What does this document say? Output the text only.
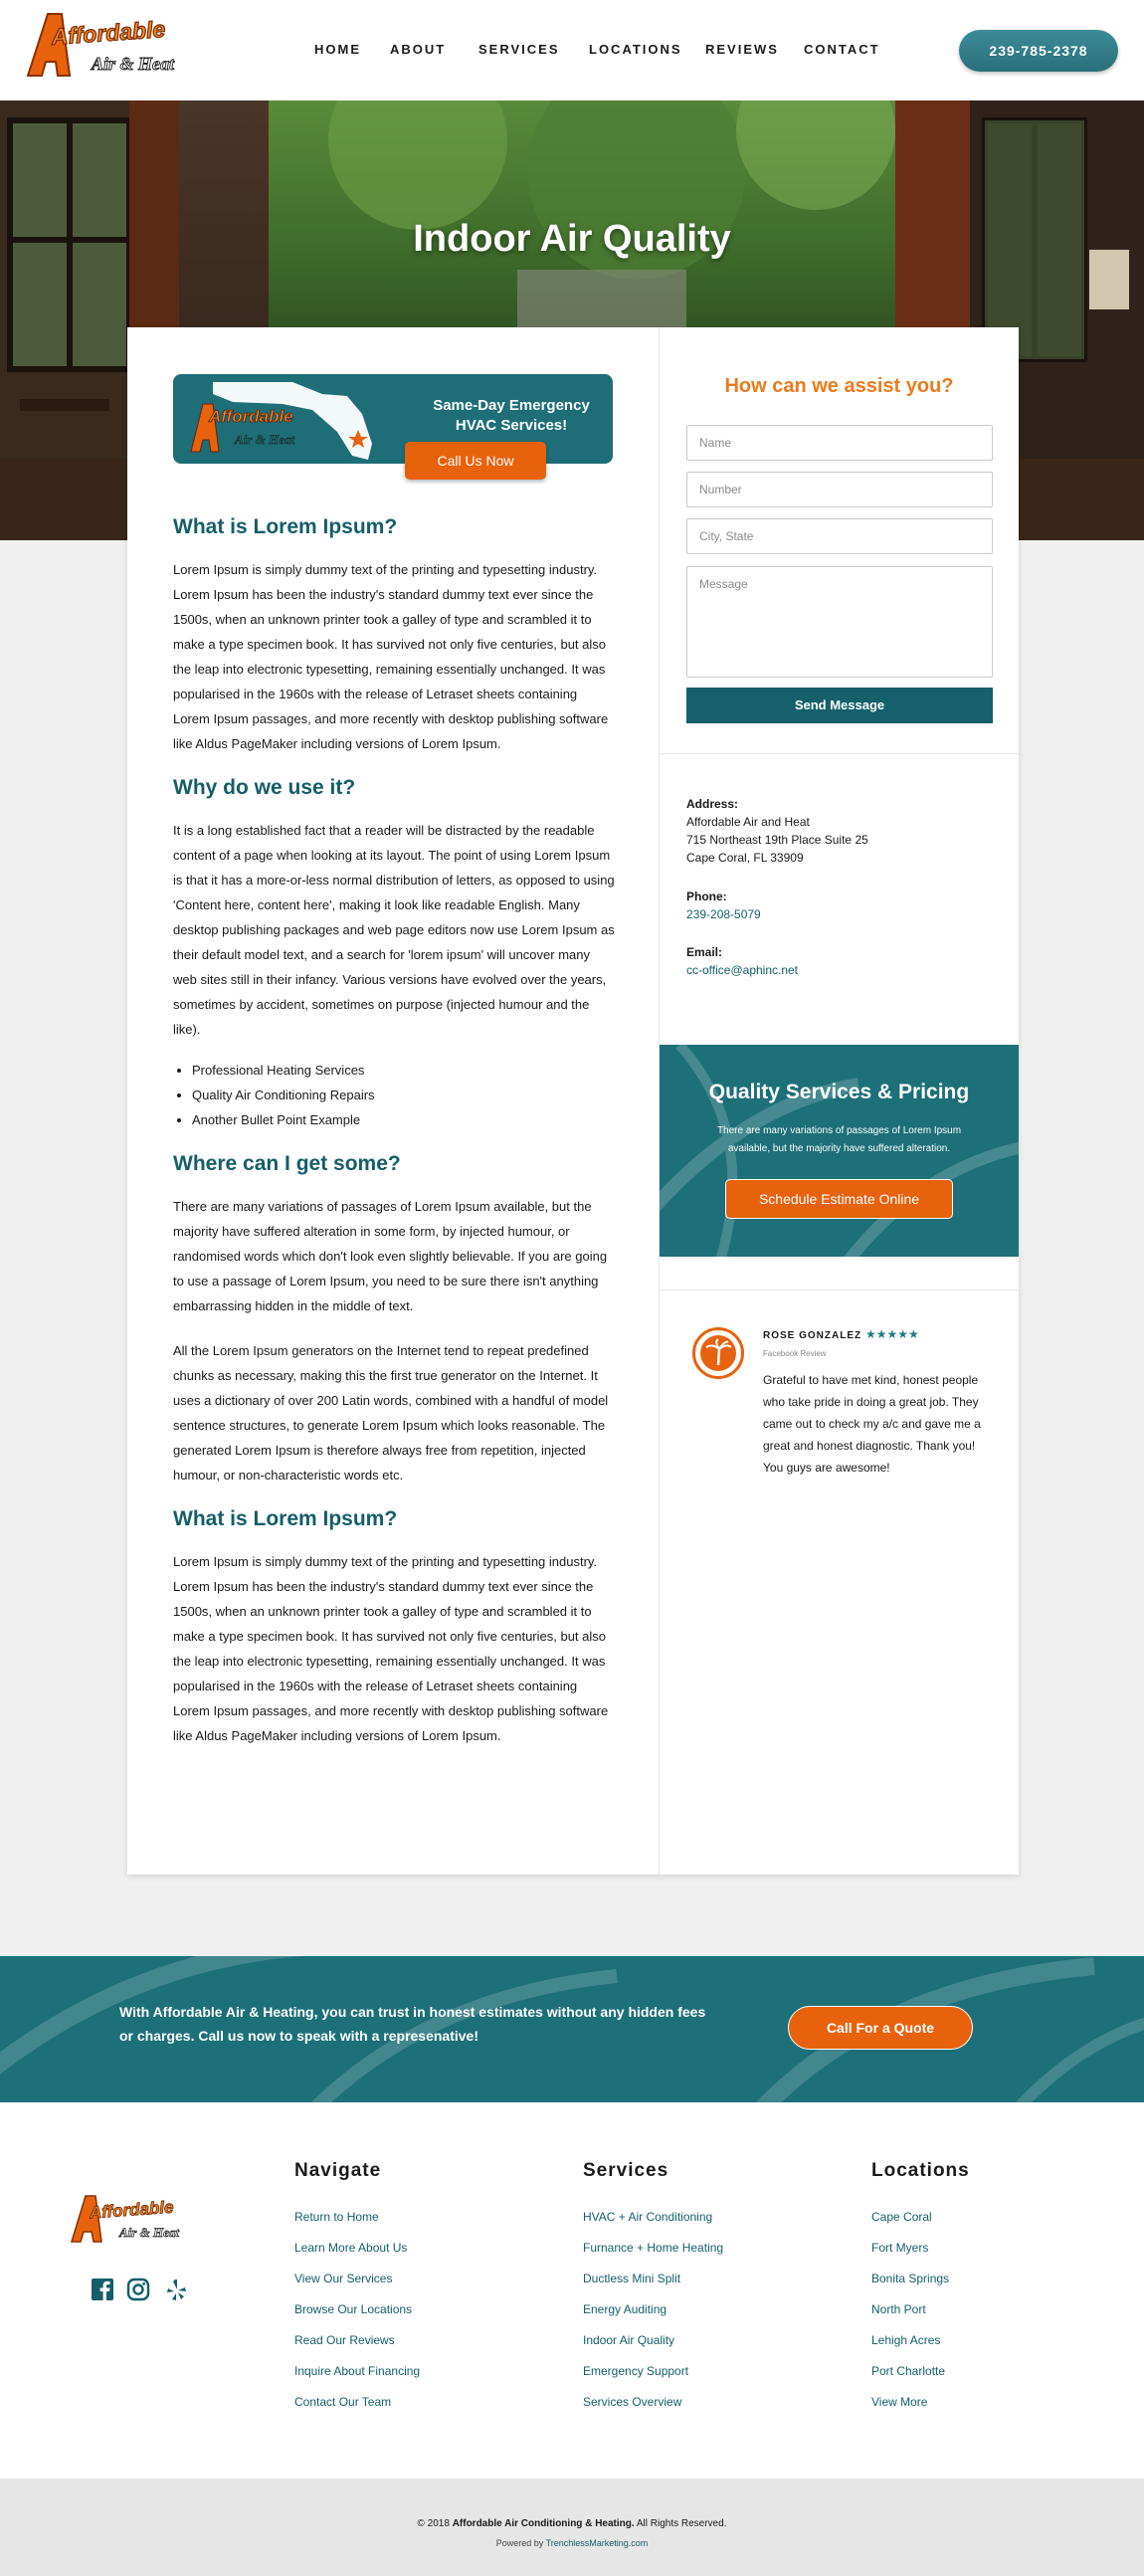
Affordable
Air & Heat
HOME ABOUT	SERVICES LOCATIONS REVIEWS CONTACT	239-785-2378
Indoor Air Quality
Affordable
Air & Heat
Same-Day Emergency HVAC Services!
Call Us Now
What is Lorem Ipsum?

Lorem Ipsum is simply dummy text of the printing and typesetting industry. Lorem Ipsum has been the industry's standard dummy text ever since the 1500s, when an unknown printer took a galley of type and scrambled it to make a type specimen book. It has survived not only five centuries, but also the leap into electronic typesetting, remaining essentially unchanged. It was popularised in the 1960s with the release of Letraset sheets containing Lorem Ipsum passages, and more recently with desktop publishing software like Aldus PageMaker including versions of Lorem Ipsum.

Why do we use it?

It is a long established fact that a reader will be distracted by the readable content of a page when looking at its layout. The point of using Lorem Ipsum is that it has a more-or-less normal distribution of letters, as opposed to using 'Content here, content here', making it look like readable English. Many desktop publishing packages and web page editors now use Lorem Ipsum as their default model text, and a search for 'lorem ipsum' will uncover many web sites still in their infancy. Various versions have evolved over the years, sometimes by accident, sometimes on purpose (injected humour and the like).

• Professional Heating Services
• Quality Air Conditioning Repairs
• Another Bullet Point Example
Where can I get some?

There are many variations of passages of Lorem Ipsum available, but the majority have suffered alteration in some form, by injected humour, or randomised words which don't look even slightly believable. If you are going to use a passage of Lorem Ipsum, you need to be sure there isn't anything embarrassing hidden in the middle of text.

All the Lorem Ipsum generators on the Internet tend to repeat predefined chunks as necessary, making this the first true generator on the Internet. It uses a dictionary of over 200 Latin words, combined with a handful of model sentence structures, to generate Lorem Ipsum which looks reasonable. The generated Lorem Ipsum is therefore always free from repetition, injected humour, or non-characteristic words etc.

What is Lorem Ipsum?

Lorem Ipsum is simply dummy text of the printing and typesetting industry. Lorem Ipsum has been the industry's standard dummy text ever since the 1500s, when an unknown printer took a galley of type and scrambled it to make a type specimen book. It has survived not only five centuries, but also the leap into electronic typesetting, remaining essentially unchanged. It was popularised in the 1960s with the release of Letraset sheets containing Lorem Ipsum passages, and more recently with desktop publishing software like Aldus PageMaker including versions of Lorem Ipsum.

How can we assist you?
Name
Number
City, State
Message
Send Message
Address:
Affordable Air and Heat
715 Northeast 19th Place Suite 25
Cape Coral, FL 33909
Phone:
239-208-5079
Email:
cc-office@aphinc.net
Quality Services & Pricing
There are many variations of passages of Lorem Ipsum available, but the majority have suffered alteration.
Schedule Estimate Online
ROSE GONZALEZ ★★★★★
Facebook Review
Grateful to have met kind, honest people who take pride in doing a great job. They came out to check my a/c and gave me a great and honest diagnostic. Thank you! You guys are awesome!
With Affordable Air & Heating, you can trust in honest estimates without any hidden fees or charges. Call us now to speak with a represenative!	Call For a Quote
Affordable
Air & Heat
Navigate
Return to Home
Learn More About Us
View Our Services
Browse Our Locations
Read Our Reviews
Inquire About Financing
Contact Our Team
Services
HVAC + Air Conditioning
Furnance + Home Heating
Ductless Mini Split
Energy Auditing
Indoor Air Quality
Emergency Support
Services Overview
Locations
Cape Coral
Fort Myers
Bonita Springs
North Port
Lehigh Acres
Port Charlotte
View More
© 2018 Affordable Air Conditioning & Heating. All Rights Reserved.
Powered by TrenchlessMarketing.com
